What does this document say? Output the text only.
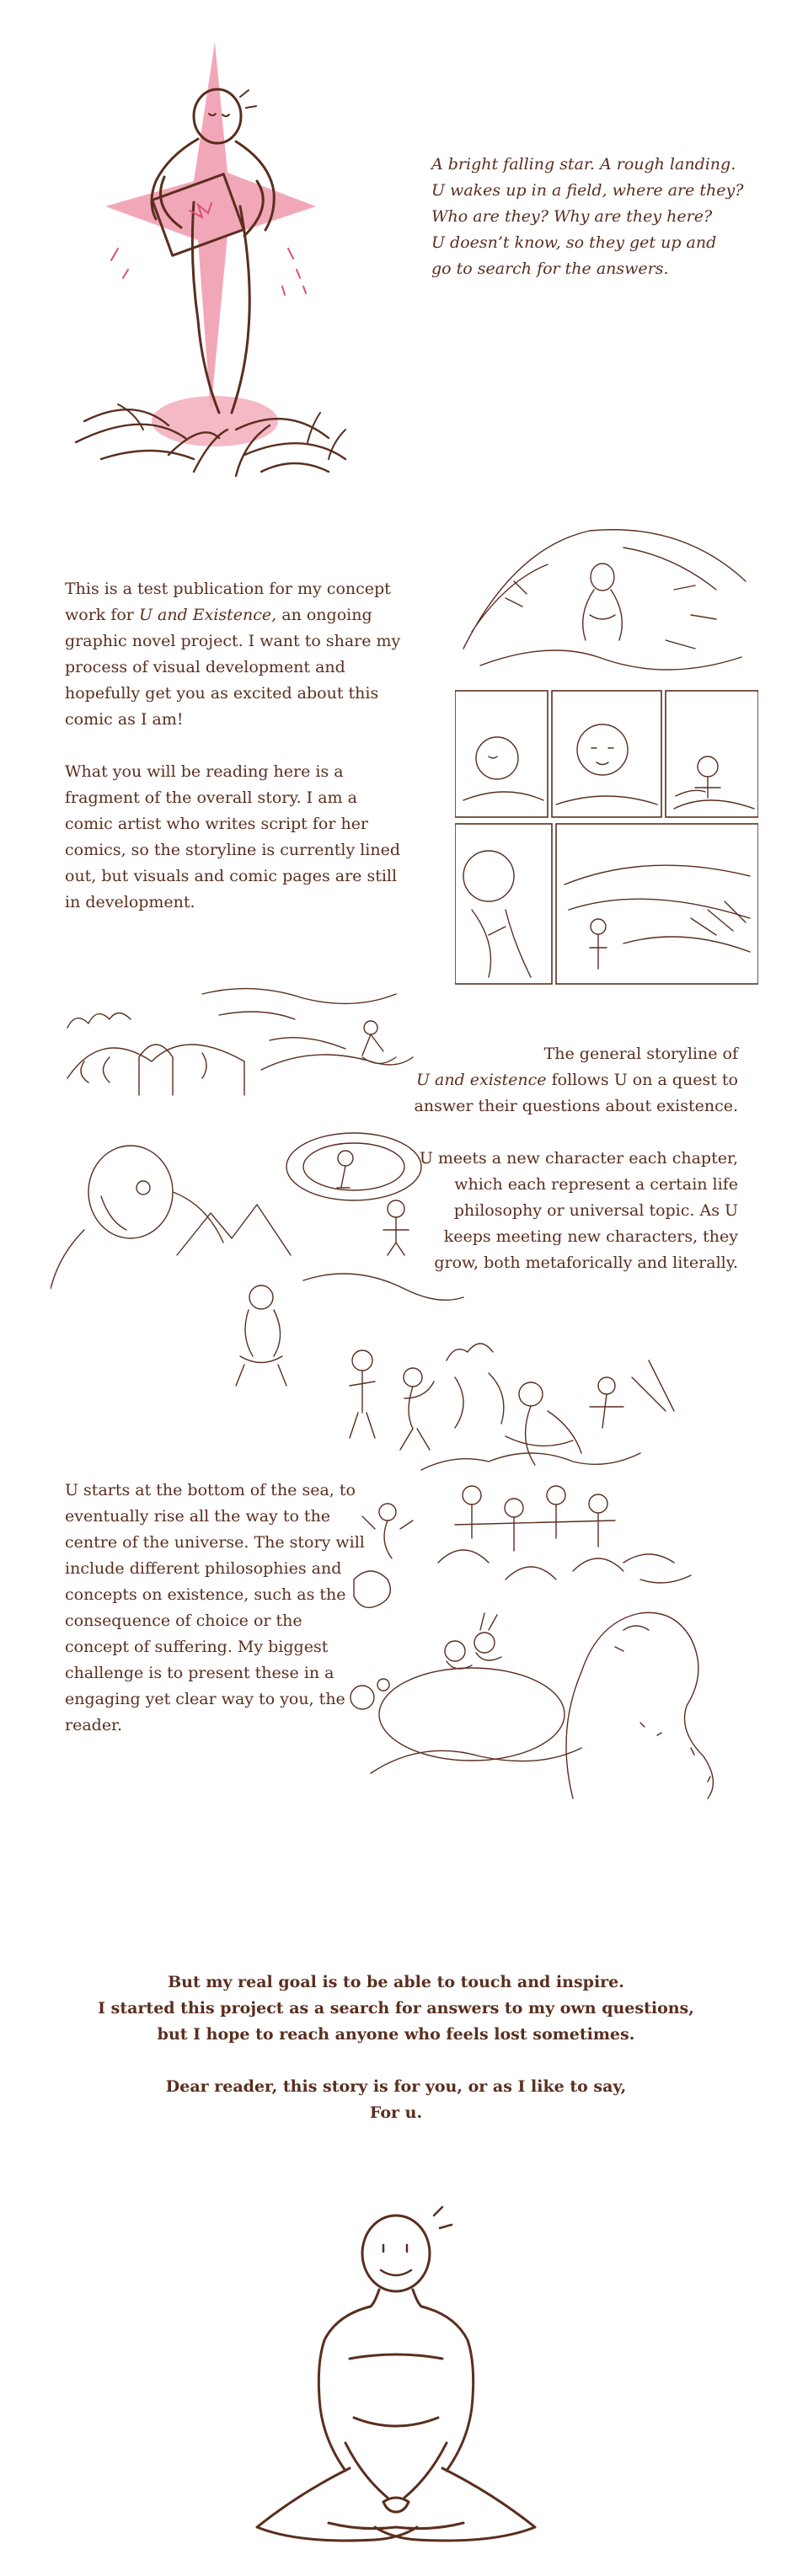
A bright falling star. A rough landing.
U wakes up in a field, where are they?
Who are they? Why are they here?
U doesn’t know, so they get up and
go to search for the answers.

This is a test publication for my concept work for U and Existence, an ongoing graphic novel project. I want to share my process of visual development and hopefully get you as excited about this comic as I am!

What you will be reading here is a fragment of the overall story. I am a comic artist who writes script for her comics, so the storyline is currently lined out, but visuals and comic pages are still in development.

The general storyline of
U and existence follows U on a quest to answer their questions about existence.

U meets a new character each chapter, which each represent a certain life philosophy or universal topic. As U keeps meeting new characters, they grow, both metaforically and literally.

U starts at the bottom of the sea, to eventually rise all the way to the centre of the universe. The story will include different philosophies and concepts on existence, such as the consequence of choice or the concept of suffering. My biggest challenge is to present these in a engaging yet clear way to you, the reader.

But my real goal is to be able to touch and inspire.
I started this project as a search for answers to my own questions,
but I hope to reach anyone who feels lost sometimes.
Dear reader, this story is for you, or as I like to say,
For u.
